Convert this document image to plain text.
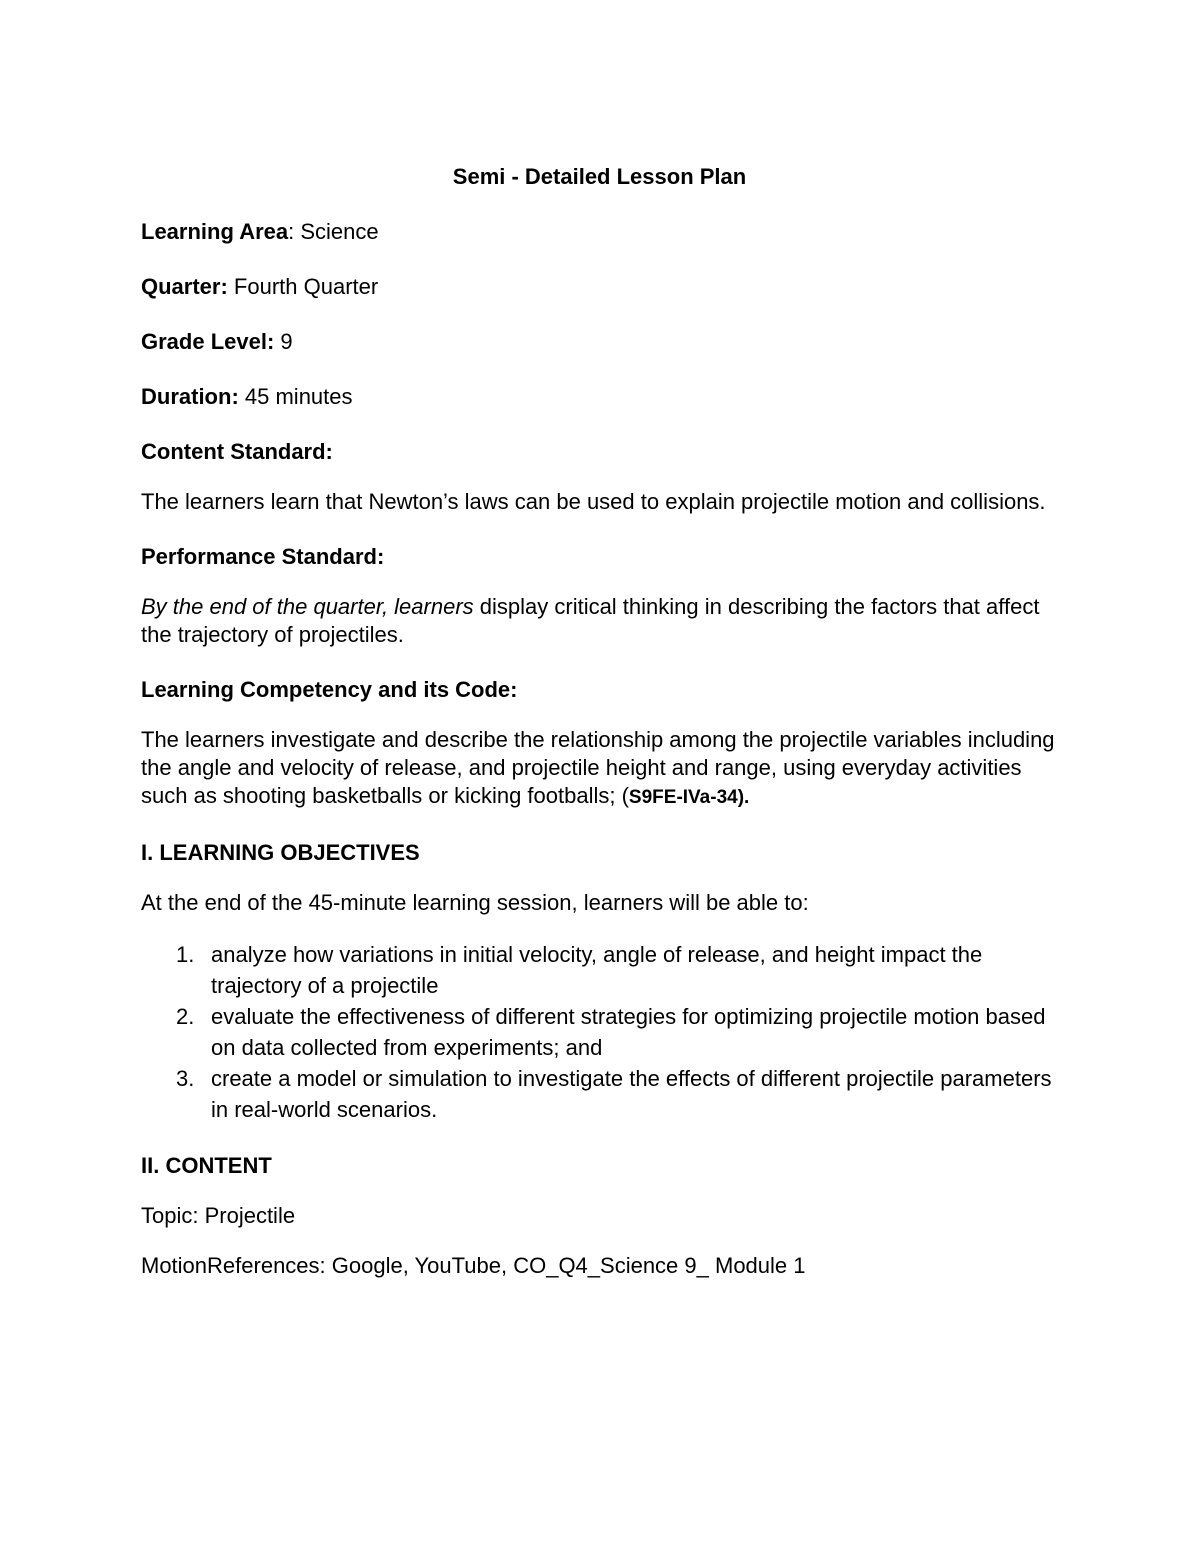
Semi - Detailed Lesson Plan

Learning Area: Science

Quarter: Fourth Quarter

Grade Level: 9

Duration: 45 minutes

Content Standard:

The learners learn that Newton’s laws can be used to explain projectile motion and collisions.

Performance Standard:

By the end of the quarter, learners display critical thinking in describing the factors that affect the trajectory of projectiles.

Learning Competency and its Code:

The learners investigate and describe the relationship among the projectile variables including the angle and velocity of release, and projectile height and range, using everyday activities such as shooting basketballs or kicking footballs; (S9FE-IVa-34).

I. LEARNING OBJECTIVES

At the end of the 45-minute learning session, learners will be able to:

1. analyze how variations in initial velocity, angle of release, and height impact the trajectory of a projectile
2. evaluate the effectiveness of different strategies for optimizing projectile motion based on data collected from experiments; and
3. create a model or simulation to investigate the effects of different projectile parameters in real-world scenarios.

II. CONTENT

Topic: Projectile

MotionReferences: Google, YouTube, CO_Q4_Science 9_ Module 1
